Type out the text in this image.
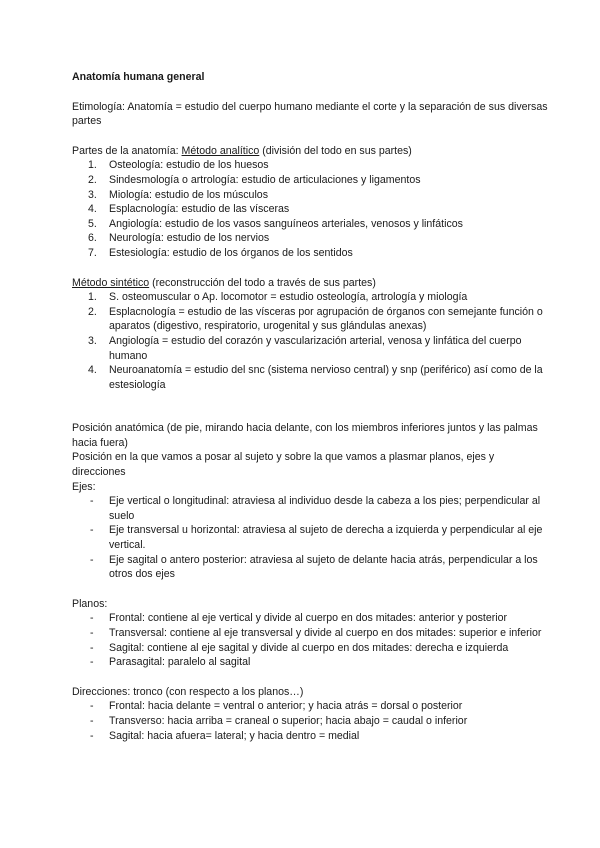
Anatomía humana general

Etimología: Anatomía = estudio del cuerpo humano mediante el corte y la separación de sus diversas partes

Partes de la anatomía: Método analítico (división del todo en sus partes)

1. Osteología: estudio de los huesos
2. Sindesmología o artrología: estudio de articulaciones y ligamentos
3. Miología: estudio de los músculos
4. Esplacnología: estudio de las vísceras
5. Angiología: estudio de los vasos sanguíneos arteriales, venosos y linfáticos
6. Neurología: estudio de los nervios
7. Estesiología: estudio de los órganos de los sentidos

Método sintético (reconstrucción del todo a través de sus partes)

1. S. osteomuscular o Ap. locomotor = estudio osteología, artrología y miología
2. Esplacnología = estudio de las vísceras por agrupación de órganos con semejante función o aparatos (digestivo, respiratorio, urogenital y sus glándulas anexas)
3. Angiología = estudio del corazón y vascularización arterial, venosa y linfática del cuerpo humano
4. Neuroanatomía = estudio del snc (sistema nervioso central) y snp (periférico) así como de la estesiología

Posición anatómica (de pie, mirando hacia delante, con los miembros inferiores juntos y las palmas hacia fuera)

Posición en la que vamos a posar al sujeto y sobre la que vamos a plasmar planos, ejes y direcciones

Ejes:

- Eje vertical o longitudinal: atraviesa al individuo desde la cabeza a los pies; perpendicular al suelo
- Eje transversal u horizontal: atraviesa al sujeto de derecha a izquierda y perpendicular al eje vertical.
- Eje sagital o antero posterior: atraviesa al sujeto de delante hacia atrás, perpendicular a los otros dos ejes

Planos:

- Frontal: contiene al eje vertical y divide al cuerpo en dos mitades: anterior y posterior
- Transversal: contiene al eje transversal y divide al cuerpo en dos mitades: superior e inferior
- Sagital: contiene al eje sagital y divide al cuerpo en dos mitades: derecha e izquierda
- Parasagital: paralelo al sagital

Direcciones: tronco (con respecto a los planos…)

- Frontal: hacia delante = ventral o anterior; y hacia atrás = dorsal o posterior
- Transverso: hacia arriba = craneal o superior; hacia abajo = caudal o inferior
- Sagital: hacia afuera= lateral; y hacia dentro = medial
